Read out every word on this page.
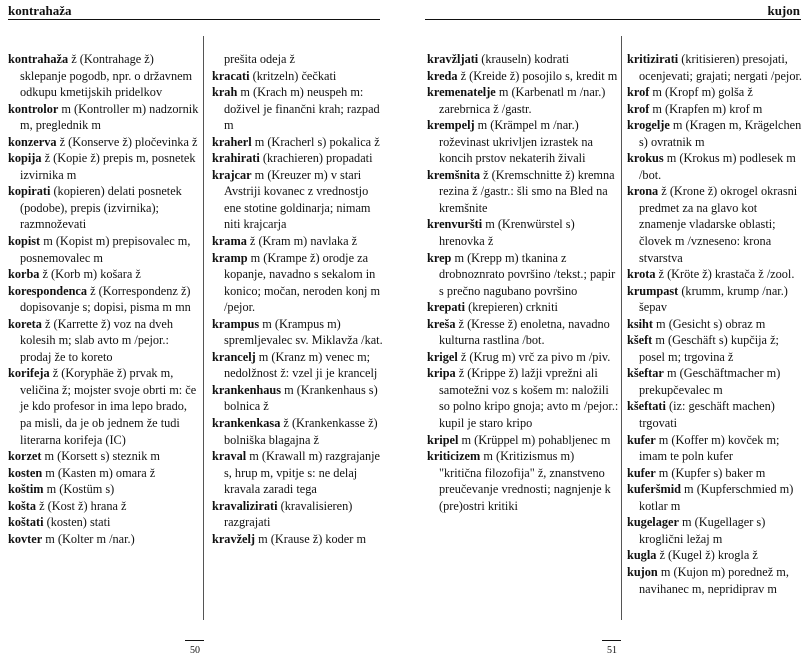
kontrahaža

kontrahaža ž (Kontrahage ž) sklepanje pogodb, npr. o državnem odkupu kmetijskih pridelkov

kontrolor m (Kontroller m) nadzornik m, preglednik m

konzerva ž (Konserve ž) pločevinka ž

kopija ž (Kopie ž) prepis m, posnetek izvirnika m

kopirati (kopieren) delati posnetek (podobe), prepis (izvirnika); razmnoževati

kopist m (Kopist m) prepisovalec m, posnemovalec m

korba ž (Korb m) košara ž

korespondenca ž (Korrespondenz ž) dopisovanje s; dopisi, pisma m mn

koreta ž (Karrette ž) voz na dveh kolesih m; slab avto m /pejor.: prodaj že to koreto

korifeja ž (Koryphäe ž) prvak m, veličina ž; mojster svoje obrti m: če je kdo profesor in ima lepo brado, pa misli, da je ob jednem že tudi literarna korifeja (IC)

korzet m (Korsett s) steznik m

kosten m (Kasten m) omara ž

koštim m (Kostüm s)

košta ž (Kost ž) hrana ž

koštati (kosten) stati

kovter m (Kolter m /nar.)

prešita odeja ž

kracati (kritzeln) čečkati

krah m (Krach m) neuspeh m: doživel je finančni krah; razpad m

kraherl m (Kracherl s) pokalica ž

krahirati (krachieren) propadati

krajcar m (Kreuzer m) v stari Avstriji kovanec z vrednostjo ene stotine goldinarja; nimam niti krajcarja

krama ž (Kram m) navlaka ž

kramp m (Krampe ž) orodje za kopanje, navadno s sekalom in konico; močan, neroden konj m /pejor.

krampus m (Krampus m) spremljevalec sv. Miklavža /kat.

krancelj m (Kranz m) venec m; nedolžnost ž: vzel ji je krancelj

krankenhaus m (Krankenhaus s) bolnica ž

krankenkasa ž (Krankenkasse ž) bolniška blagajna ž

kraval m (Krawall m) razgrajanje s, hrup m, vpitje s: ne delaj kravala zaradi tega

kravalizirati (kravalisieren) razgrajati

kravželj m (Krause ž) koder m

50
kujon

kravžljati (krauseln) kodrati

kreda ž (Kreide ž) posojilo s, kredit m

kremenatelje m (Karbenatl m /nar.) zarebrnica ž /gastr.

krempelj m (Krämpel m /nar.) roževinast ukrivljen izrastek na koncih prstov nekaterih živali

kremšnita ž (Kremschnitte ž) kremna rezina ž /gastr.: šli smo na Bled na kremšnite

krenvuršti m (Krenwürstel s) hrenovka ž

krep m (Krepp m) tkanina z drobnoznrato površino /tekst.; papir s prečno nagubano površino

krepati (krepieren) crkniti

kreša ž (Kresse ž) enoletna, navadno kulturna rastlina /bot.

krigel ž (Krug m) vrč za pivo m /piv.

kripa ž (Krippe ž) lažji vprežni ali samotežni voz s košem m: naložili so polno kripo gnoja; avto m /pejor.: kupil je staro kripo

kripel m (Krüppel m) pohabljenec m

kriticizem m (Kritizismus m) "kritična filozofija" ž, znanstveno preučevanje vrednosti; nagnjenje k (pre)ostri kritiki

kritizirati (kritisieren) presojati, ocenjevati; grajati; nergati /pejor.

krof m (Kropf m) golša ž

krof m (Krapfen m) krof m

krogelje m (Kragen m, Krägelchen s) ovratnik m

krokus m (Krokus m) podlesek m /bot.

krona ž (Krone ž) okrogel okrasni predmet za na glavo kot znamenje vladarske oblasti; človek m /vzneseno: krona stvarstva

krota ž (Kröte ž) krastača ž /zool.

krumpast (krumm, krump /nar.) šepav

ksiht m (Gesicht s) obraz m

kšeft m (Geschäft s) kupčija ž; posel m; trgovina ž

kšeftar m (Geschäftmacher m) prekupčevalec m

kšeftati (iz: geschäft machen) trgovati

kufer m (Koffer m) kovček m; imam te poln kufer

kufer m (Kupfer s) baker m

kuferšmid m (Kupferschmied m) kotlar m

kugelager m (Kugellager s) kroglični ležaj m

kugla ž (Kugel ž) krogla ž

kujon m (Kujon m) porednež m, navihanec m, nepridiprav m

51
